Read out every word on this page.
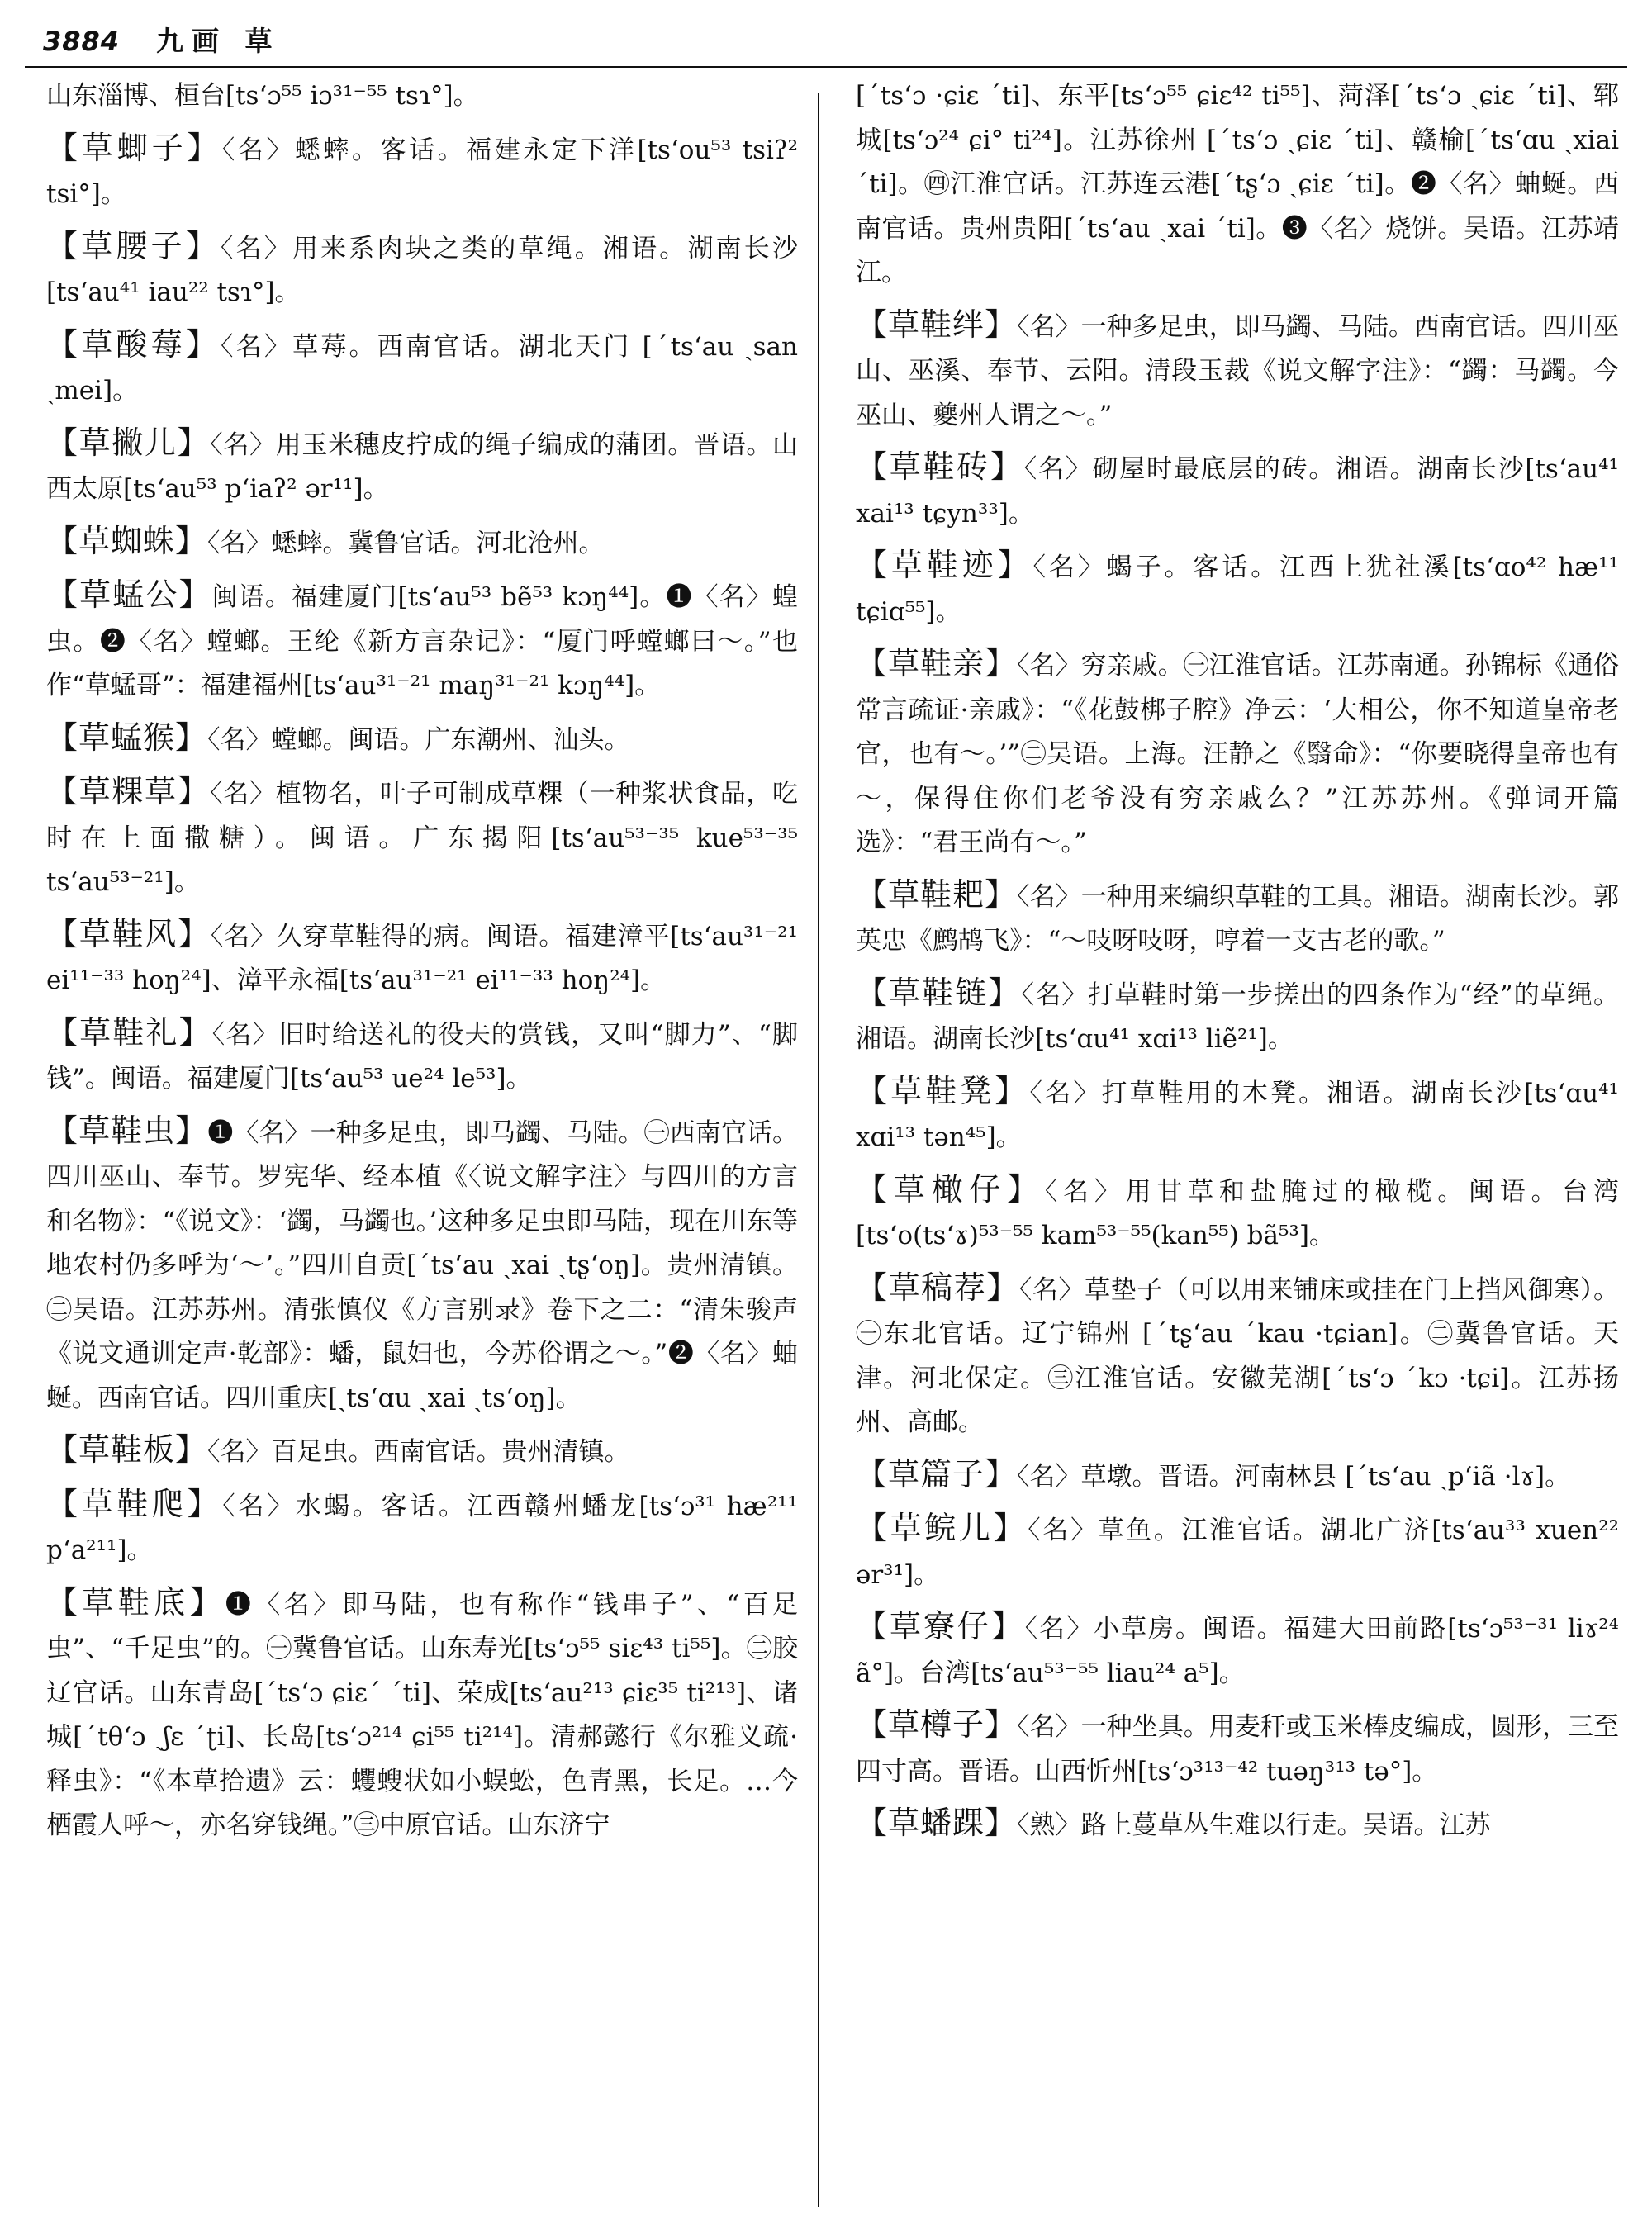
3884 九画 草
山东淄博、桓台[ts‘ɔ⁵⁵ iɔ³¹⁻⁵⁵ tsɿ°]。
【草蝍子】〈名〉蟋蟀。客话。福建永定下洋[ts‘ou⁵³ tsiʔ² tsi°]。
【草腰子】〈名〉用来系肉块之类的草绳。湘语。湖南长沙[ts‘au⁴¹ iau²² tsɿ°]。
【草酸莓】〈名〉草莓。西南官话。湖北天门 [ˊts‘au ˏsan ˏmei]。
【草撇儿】〈名〉用玉米穗皮拧成的绳子编成的蒲团。晋语。山西太原[ts‘au⁵³ p‘iaʔ² ər¹¹]。
【草蜘蛛】〈名〉蟋蟀。冀鲁官话。河北沧州。
【草蜢公】闽语。福建厦门[ts‘au⁵³ bẽ⁵³ kɔŋ⁴⁴]。❶〈名〉蝗虫。❷〈名〉螳螂。王纶《新方言杂记》：“厦门呼螳螂曰～。”也作“草蜢哥”：福建福州[ts‘au³¹⁻²¹ maŋ³¹⁻²¹ kɔŋ⁴⁴]。
【草蜢猴】〈名〉螳螂。闽语。广东潮州、汕头。
【草粿草】〈名〉植物名，叶子可制成草粿（一种浆状食品，吃时在上面撒糖）。闽语。广东揭阳[ts‘au⁵³⁻³⁵ kue⁵³⁻³⁵ ts‘au⁵³⁻²¹]。
【草鞋风】〈名〉久穿草鞋得的病。闽语。福建漳平[ts‘au³¹⁻²¹ ei¹¹⁻³³ hoŋ²⁴]、漳平永福[ts‘au³¹⁻²¹ ei¹¹⁻³³ hoŋ²⁴]。
【草鞋礼】〈名〉旧时给送礼的役夫的赏钱，又叫“脚力”、“脚钱”。闽语。福建厦门[ts‘au⁵³ ue²⁴ le⁵³]。
【草鞋虫】❶〈名〉一种多足虫，即马蠲、马陆。㊀西南官话。四川巫山、奉节。罗宪华、经本植《〈说文解字注〉与四川的方言和名物》：“《说文》：‘蠲，马蠲也。’这种多足虫即马陆，现在川东等地农村仍多呼为‘～’。”四川自贡[ˊts‘au ˏxai ˏtʂ‘oŋ]。贵州清镇。㊁吴语。江苏苏州。清张慎仪《方言别录》卷下之二：“清朱骏声《说文通训定声·乾部》：蟠，鼠妇也，今苏俗谓之～。”❷〈名〉蚰蜒。西南官话。四川重庆[ˏts‘ɑu ˏxai ˏts‘oŋ]。
【草鞋板】〈名〉百足虫。西南官话。贵州清镇。
【草鞋爬】〈名〉水蝎。客话。江西赣州蟠龙[ts‘ɔ³¹ hæ²¹¹ p‘a²¹¹]。
【草鞋底】❶〈名〉即马陆，也有称作“钱串子”、“百足虫”、“千足虫”的。㊀冀鲁官话。山东寿光[ts‘ɔ⁵⁵ siɛ⁴³ ti⁵⁵]。㊁胶辽官话。山东青岛[ˊts‘ɔ ɕiɛˊ ˊti]、荣成[ts‘au²¹³ ɕiɛ³⁵ ti²¹³]、诸城[ˊtθ‘ɔ ˏʃɛ ˊʈi]、长岛[ts‘ɔ²¹⁴ ɕi⁵⁵ ti²¹⁴]。清郝懿行《尔雅义疏·释虫》：“《本草拾遗》云：蠼螋状如小蜈蚣，色青黑，长足。…今栖霞人呼～，亦名穿钱绳。”㊂中原官话。山东济宁
[ˊts‘ɔ ·ɕiɛ ˊti]、东平[ts‘ɔ⁵⁵ ɕiɛ⁴² ti⁵⁵]、菏泽[ˊts‘ɔ ˏɕiɛ ˊti]、郓城[ts‘ɔ²⁴ ɕi° ti²⁴]。江苏徐州 [ˊts‘ɔ ˏɕiɛ ˊti]、赣榆[ˊts‘ɑu ˏxiai ˊti]。㊃江淮官话。江苏连云港[ˊtʂ‘ɔ ˏɕiɛ ˊti]。❷〈名〉蚰蜒。西南官话。贵州贵阳[ˊts‘au ˏxai ˊti]。❸〈名〉烧饼。吴语。江苏靖江。
【草鞋绊】〈名〉一种多足虫，即马蠲、马陆。西南官话。四川巫山、巫溪、奉节、云阳。清段玉裁《说文解字注》：“蠲：马蠲。今巫山、夔州人谓之～。”
【草鞋砖】〈名〉砌屋时最底层的砖。湘语。湖南长沙[ts‘au⁴¹ xai¹³ tɕyn³³]。
【草鞋迹】〈名〉蝎子。客话。江西上犹社溪[ts‘ɑo⁴² hæ¹¹ tɕiɑ⁵⁵]。
【草鞋亲】〈名〉穷亲戚。㊀江淮官话。江苏南通。孙锦标《通俗常言疏证·亲戚》：“《花鼓梆子腔》净云：‘大相公，你不知道皇帝老官，也有～。’”㊁吴语。上海。汪静之《翳命》：“你要晓得皇帝也有～，保得住你们老爷没有穷亲戚么？”江苏苏州。《弹词开篇选》：“君王尚有～。”
【草鞋耙】〈名〉一种用来编织草鞋的工具。湘语。湖南长沙。郭英忠《鹧鸪飞》：“～吱呀吱呀，哼着一支古老的歌。”
【草鞋链】〈名〉打草鞋时第一步搓出的四条作为“经”的草绳。湘语。湖南长沙[ts‘ɑu⁴¹ xɑi¹³ liẽ²¹]。
【草鞋凳】〈名〉打草鞋用的木凳。湘语。湖南长沙[ts‘ɑu⁴¹ xɑi¹³ tən⁴⁵]。
【草橄仔】〈名〉用甘草和盐腌过的橄榄。闽语。台湾[ts‘o(ts‘ɤ)⁵³⁻⁵⁵ kam⁵³⁻⁵⁵(kan⁵⁵) bã⁵³]。
【草稿荐】〈名〉草垫子（可以用来铺床或挂在门上挡风御寒）。㊀东北官话。辽宁锦州 [ˊtʂ‘au ˊkau ·tɕian]。㊁冀鲁官话。天津。河北保定。㊂江淮官话。安徽芜湖[ˊts‘ɔ ˊkɔ ·tɕi]。江苏扬州、高邮。
【草篇子】〈名〉草墩。晋语。河南林县 [ˊts‘au ˏp‘iã ·lɤ]。
【草鲩儿】〈名〉草鱼。江淮官话。湖北广济[ts‘au³³ xuen²² ər³¹]。
【草寮仔】〈名〉小草房。闽语。福建大田前路[ts‘ɔ⁵³⁻³¹ liɤ²⁴ ã°]。台湾[ts‘au⁵³⁻⁵⁵ liau²⁴ a⁵]。
【草樽子】〈名〉一种坐具。用麦秆或玉米棒皮编成，圆形，三至四寸高。晋语。山西忻州[ts‘ɔ³¹³⁻⁴² tuəŋ³¹³ tə°]。
【草蟠踝】〈熟〉路上蔓草丛生难以行走。吴语。江苏
